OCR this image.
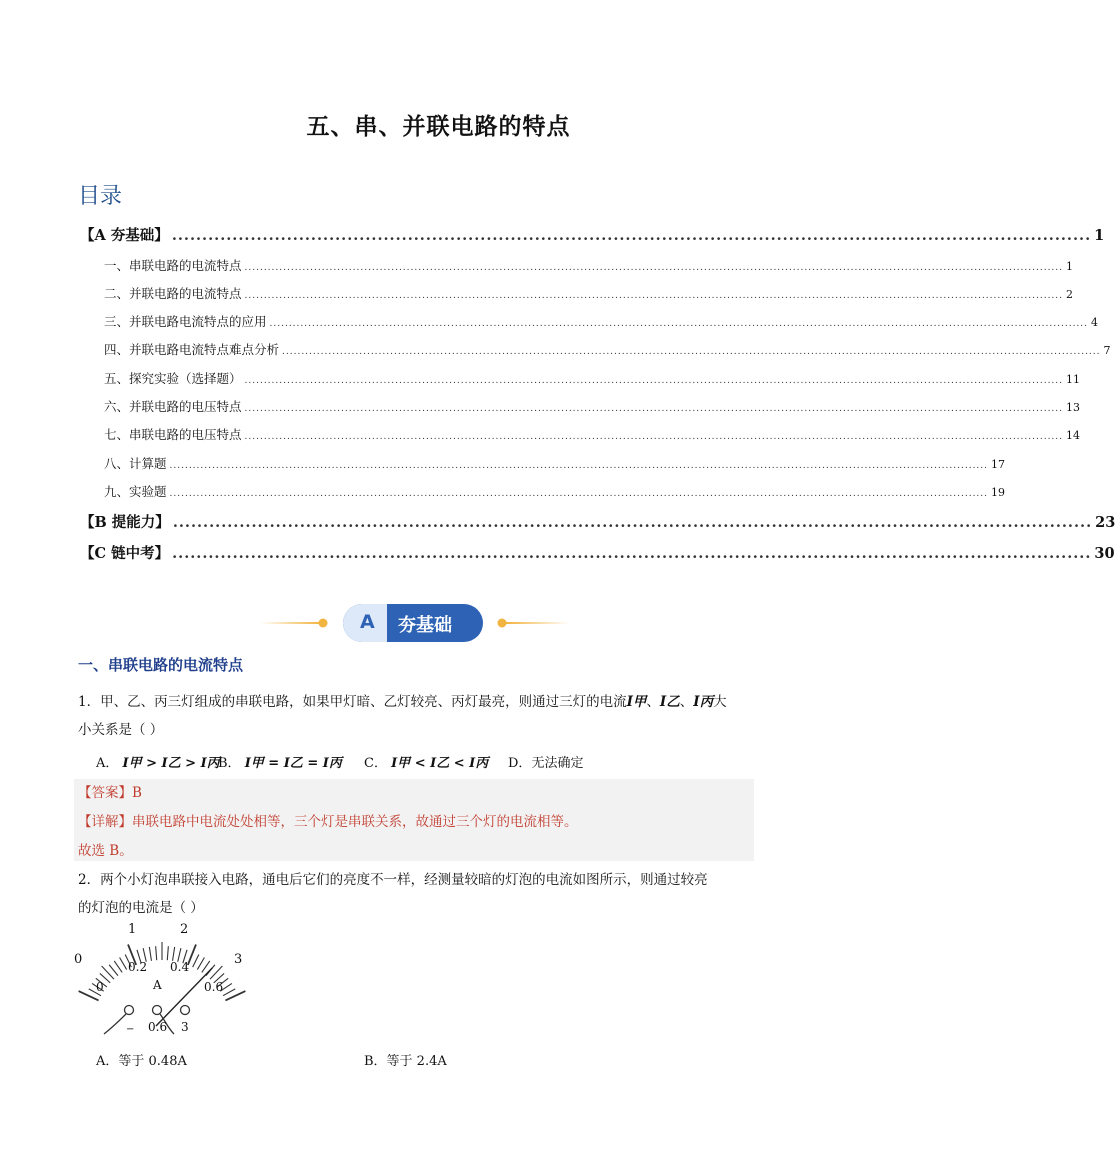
五、串、并联电路的特点
目录
【A 夯基础】 ........................................................................................................................................................ 1
一、串联电路的电流特点 .................................................................................................................................................................................................................... 1
二、并联电路的电流特点 .................................................................................................................................................................................................................... 2
三、并联电路电流特点的应用 .................................................................................................................................................................................................................... 4
四、并联电路电流特点难点分析 .................................................................................................................................................................................................................... 7
五、探究实验（选择题） .................................................................................................................................................................................................................... 11
六、并联电路的电压特点 .................................................................................................................................................................................................................... 13
七、串联电路的电压特点 .................................................................................................................................................................................................................... 14
八、计算题 .................................................................................................................................................................................................................... 17
九、实验题 .................................................................................................................................................................................................................... 19
【B 提能力】 ........................................................................................................................................................ 23
【C 链中考】 ........................................................................................................................................................ 30
A 夯基础
一、串联电路的电流特点
1．甲、乙、丙三灯组成的串联电路，如果甲灯暗、乙灯较亮、丙灯最亮，则通过三灯的电流I甲、I乙、I丙大
小关系是（ ）
A． I甲 > I乙 > I丙
B． I甲 = I乙 = I丙 C． I甲 < I乙 < I丙 D．无法确定
【答案】B
【详解】串联电路中电流处处相等，三个灯是串联关系，故通过三个灯的电流相等。
故选 B。
2．两个小灯泡串联接入电路，通电后它们的亮度不一样，经测量较暗的灯泡的电流如图所示，则通过较亮
的灯泡的电流是（ ）
0
1	2
3
0
0.2 0.4
0.6
A
− 0.6 3
A．等于 0.48A	B．等于 2.4A
